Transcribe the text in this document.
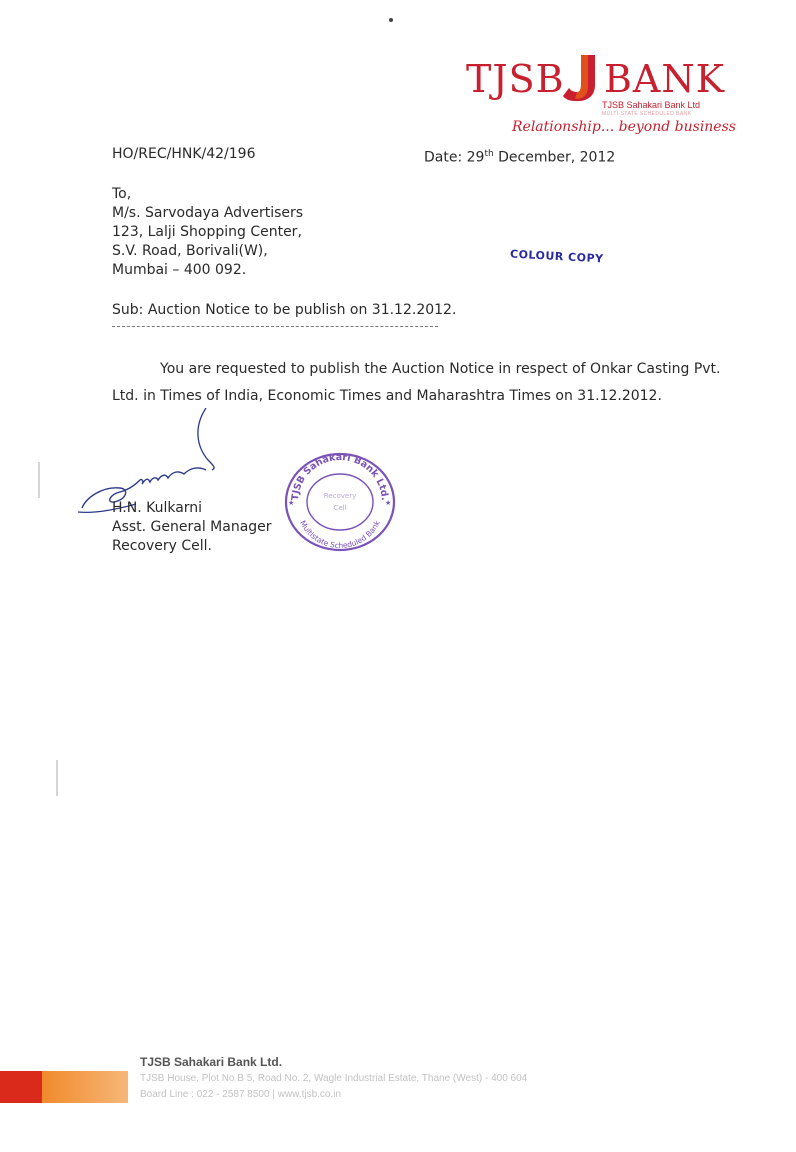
TJSB BANK
TJSB Sahakari Bank Ltd
MULTI-STATE SCHEDULED BANK
Relationship... beyond business
HO/REC/HNK/42/196	Date: 29th December, 2012
To,
M/s. Sarvodaya Advertisers
123, Lalji Shopping Center,
S.V. Road, Borivali(W),
Mumbai – 400 092.
COLOUR COPY
Sub: Auction Notice to be publish on 31.12.2012.
You are requested to publish the Auction Notice in respect of Onkar Casting Pvt.
Ltd. in Times of India, Economic Times and Maharashtra Times on 31.12.2012.
H.N. Kulkarni
Asst. General Manager
Recovery Cell.
TJSB Sahakari Bank Ltd.
Multistate Scheduled Bank
Recovery
Cell
★	★
TJSB Sahakari Bank Ltd.
TJSB House, Plot No B 5, Road No. 2, Wagle Industrial Estate, Thane (West) - 400 604
Board Line : 022 - 2587 8500 | www.tjsb.co.in
